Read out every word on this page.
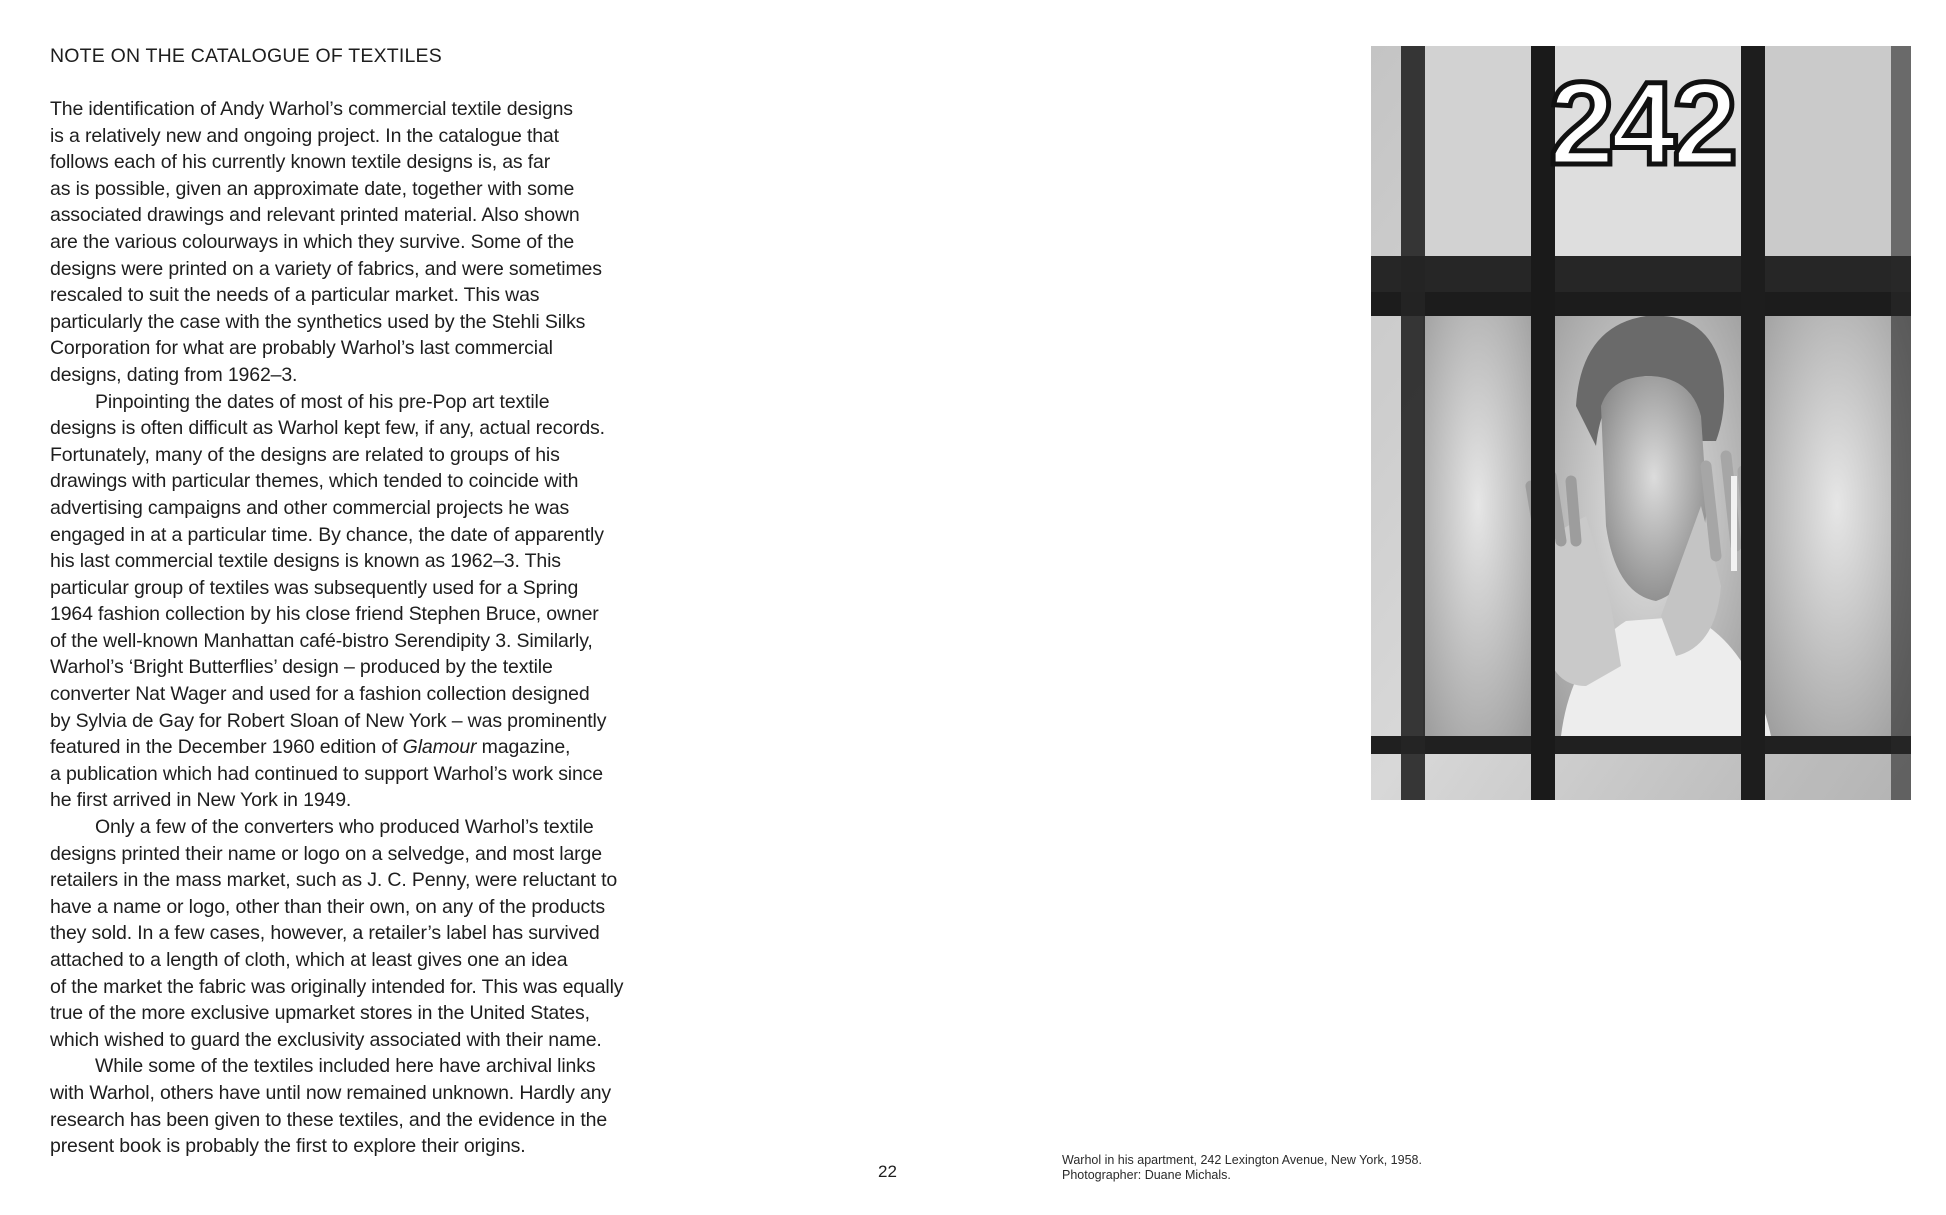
NOTE ON THE CATALOGUE OF TEXTILES
The identification of Andy Warhol’s commercial textile designs
is a relatively new and ongoing project. In the catalogue that
follows each of his currently known textile designs is, as far
as is possible, given an approximate date, together with some
associated drawings and relevant printed material. Also shown
are the various colourways in which they survive. Some of the
designs were printed on a variety of fabrics, and were sometimes
rescaled to suit the needs of a particular market. This was
particularly the case with the synthetics used by the Stehli Silks
Corporation for what are probably Warhol’s last commercial
designs, dating from 1962–3.
Pinpointing the dates of most of his pre-Pop art textile
designs is often difficult as Warhol kept few, if any, actual records.
Fortunately, many of the designs are related to groups of his
drawings with particular themes, which tended to coincide with
advertising campaigns and other commercial projects he was
engaged in at a particular time. By chance, the date of apparently
his last commercial textile designs is known as 1962–3. This
particular group of textiles was subsequently used for a Spring
1964 fashion collection by his close friend Stephen Bruce, owner
of the well-known Manhattan café-bistro Serendipity 3. Similarly,
Warhol’s ‘Bright Butterflies’ design – produced by the textile
converter Nat Wager and used for a fashion collection designed
by Sylvia de Gay for Robert Sloan of New York – was prominently
featured in the December 1960 edition of Glamour magazine,
a publication which had continued to support Warhol’s work since
he first arrived in New York in 1949.
Only a few of the converters who produced Warhol’s textile
designs printed their name or logo on a selvedge, and most large
retailers in the mass market, such as J. C. Penny, were reluctant to
have a name or logo, other than their own, on any of the products
they sold. In a few cases, however, a retailer’s label has survived
attached to a length of cloth, which at least gives one an idea
of the market the fabric was originally intended for. This was equally
true of the more exclusive upmarket stores in the United States,
which wished to guard the exclusivity associated with their name.
While some of the textiles included here have archival links
with Warhol, others have until now remained unknown. Hardly any
research has been given to these textiles, and the evidence in the
present book is probably the first to explore their origins.
242
22
Warhol in his apartment, 242 Lexington Avenue, New York, 1958.
Photographer: Duane Michals.
